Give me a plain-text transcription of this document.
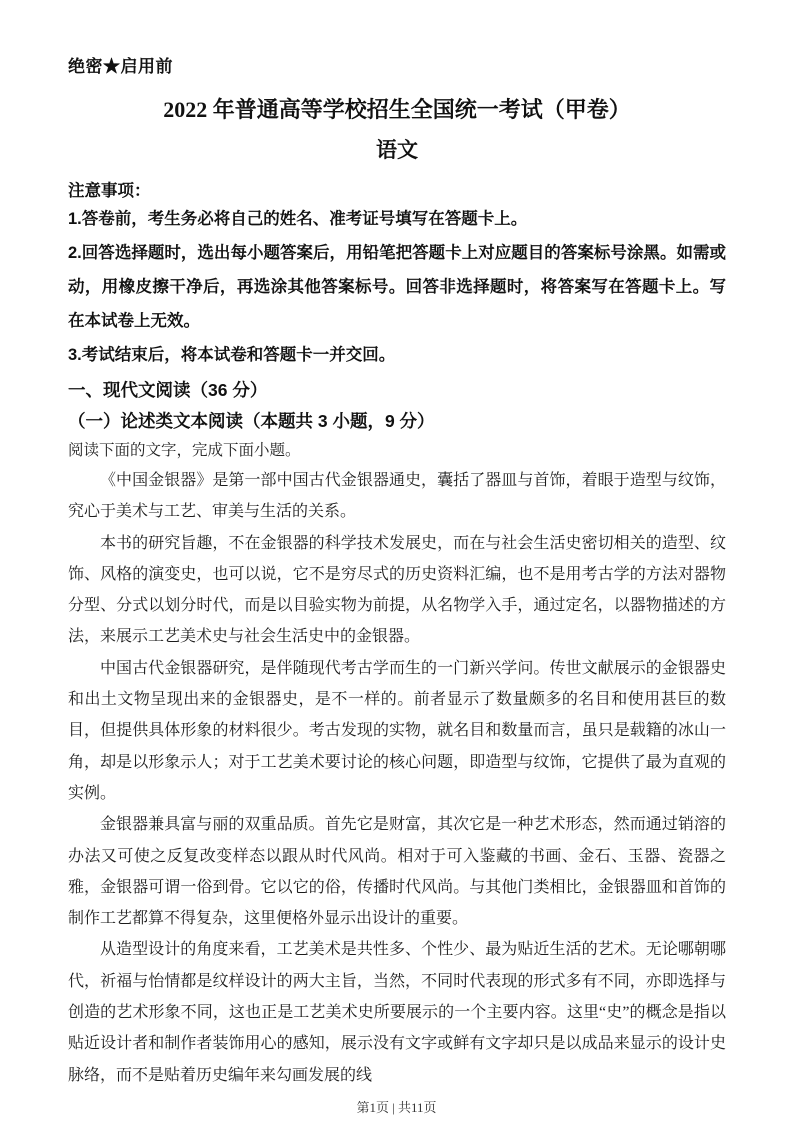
绝密★启用前
2022 年普通高等学校招生全国统一考试（甲卷）
语文
注意事项：

1.答卷前，考生务必将自己的姓名、准考证号填写在答题卡上。

2.回答选择题时，选出每小题答案后，用铅笔把答题卡上对应题目的答案标号涂黑。如需或动，用橡皮擦干净后，再选涂其他答案标号。回答非选择题时，将答案写在答题卡上。写在本试卷上无效。

3.考试结束后，将本试卷和答题卡一并交回。

一、现代文阅读（36 分）
（一）论述类文本阅读（本题共 3 小题，9 分）
阅读下面的文字，完成下面小题。

《中国金银器》是第一部中国古代金银器通史，囊括了器皿与首饰，着眼于造型与纹饰，究心于美术与工艺、审美与生活的关系。

本书的研究旨趣，不在金银器的科学技术发展史，而在与社会生活史密切相关的造型、纹饰、风格的演变史，也可以说，它不是穷尽式的历史资料汇编，也不是用考古学的方法对器物分型、分式以划分时代，而是以目验实物为前提，从名物学入手，通过定名，以器物描述的方法，来展示工艺美术史与社会生活史中的金银器。

中国古代金银器研究，是伴随现代考古学而生的一门新兴学问。传世文献展示的金银器史和出土文物呈现出来的金银器史，是不一样的。前者显示了数量颇多的名目和使用甚巨的数目，但提供具体形象的材料很少。考古发现的实物，就名目和数量而言，虽只是载籍的冰山一角，却是以形象示人；对于工艺美术要讨论的核心问题，即造型与纹饰，它提供了最为直观的实例。

金银器兼具富与丽的双重品质。首先它是财富，其次它是一种艺术形态，然而通过销溶的办法又可使之反复改变样态以跟从时代风尚。相对于可入鉴藏的书画、金石、玉器、瓷器之雅，金银器可谓一俗到骨。它以它的俗，传播时代风尚。与其他门类相比，金银器皿和首饰的制作工艺都算不得复杂，这里便格外显示出设计的重要。

从造型设计的角度来看，工艺美术是共性多、个性少、最为贴近生活的艺术。无论哪朝哪代，祈福与怡情都是纹样设计的两大主旨，当然，不同时代表现的形式多有不同，亦即选择与创造的艺术形象不同，这也正是工艺美术史所要展示的一个主要内容。这里“史”的概念是指以贴近设计者和制作者装饰用心的感知，展示没有文字或鲜有文字却只是以成品来显示的设计史脉络，而不是贴着历史编年来勾画发展的线

第1页 | 共11页
